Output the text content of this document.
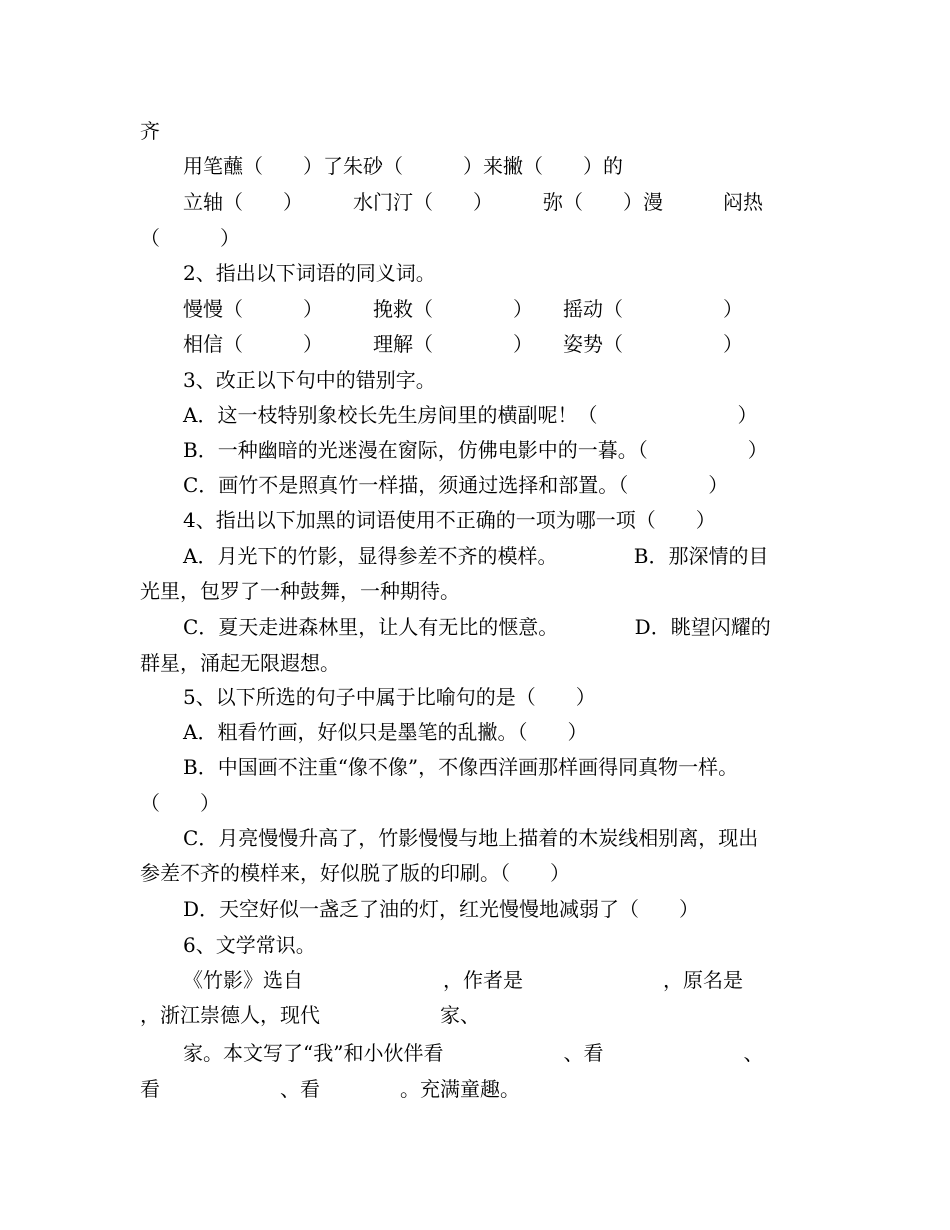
齐
用笔蘸（　　）了朱砂（　　　）来撇（　　）的
立轴（　　）　　　水门汀（　　）　　　弥（　　）漫　　　闷热
（　　　）
2、指出以下词语的同义词。
慢慢（　　　）　　　挽救（　　　　）　　摇动（　　　　　）
相信（　　　）　　　理解（　　　　）　　姿势（　　　　　）
3、改正以下句中的错别字。
A．这一枝特别象校长先生房间里的横副呢！（　　　　　　　）
B．一种幽暗的光迷漫在窗际，仿佛电影中的一暮。（　　　　　）
C．画竹不是照真竹一样描，须通过选择和部置。（　　　　）
4、指出以下加黑的词语使用不正确的一项为哪一项（　　）
A．月光下的竹影，显得参差不齐的模样。　　　　 B．那深情的目
光里，包罗了一种鼓舞，一种期待。
C．夏天走进森林里，让人有无比的惬意。　　　　 D．眺望闪耀的
群星，涌起无限遐想。
5、以下所选的句子中属于比喻句的是（　　）
A．粗看竹画，好似只是墨笔的乱撇。（　　）
B．中国画不注重“像不像”，不像西洋画那样画得同真物一样。
（　　）
C．月亮慢慢升高了，竹影慢慢与地上描着的木炭线相别离，现出
参差不齐的模样来，好似脱了版的印刷。（　　）
D．天空好似一盏乏了油的灯，红光慢慢地减弱了（　　）
6、文学常识。
《竹影》选自　　　　　　　，作者是　　　　　　　，原名是
，浙江崇德人，现代　　　　　　家、
家。本文写了“我”和小伙伴看　　　　　　、看　　　　　　　、
看　　　　　　、看　　　　。充满童趣。
